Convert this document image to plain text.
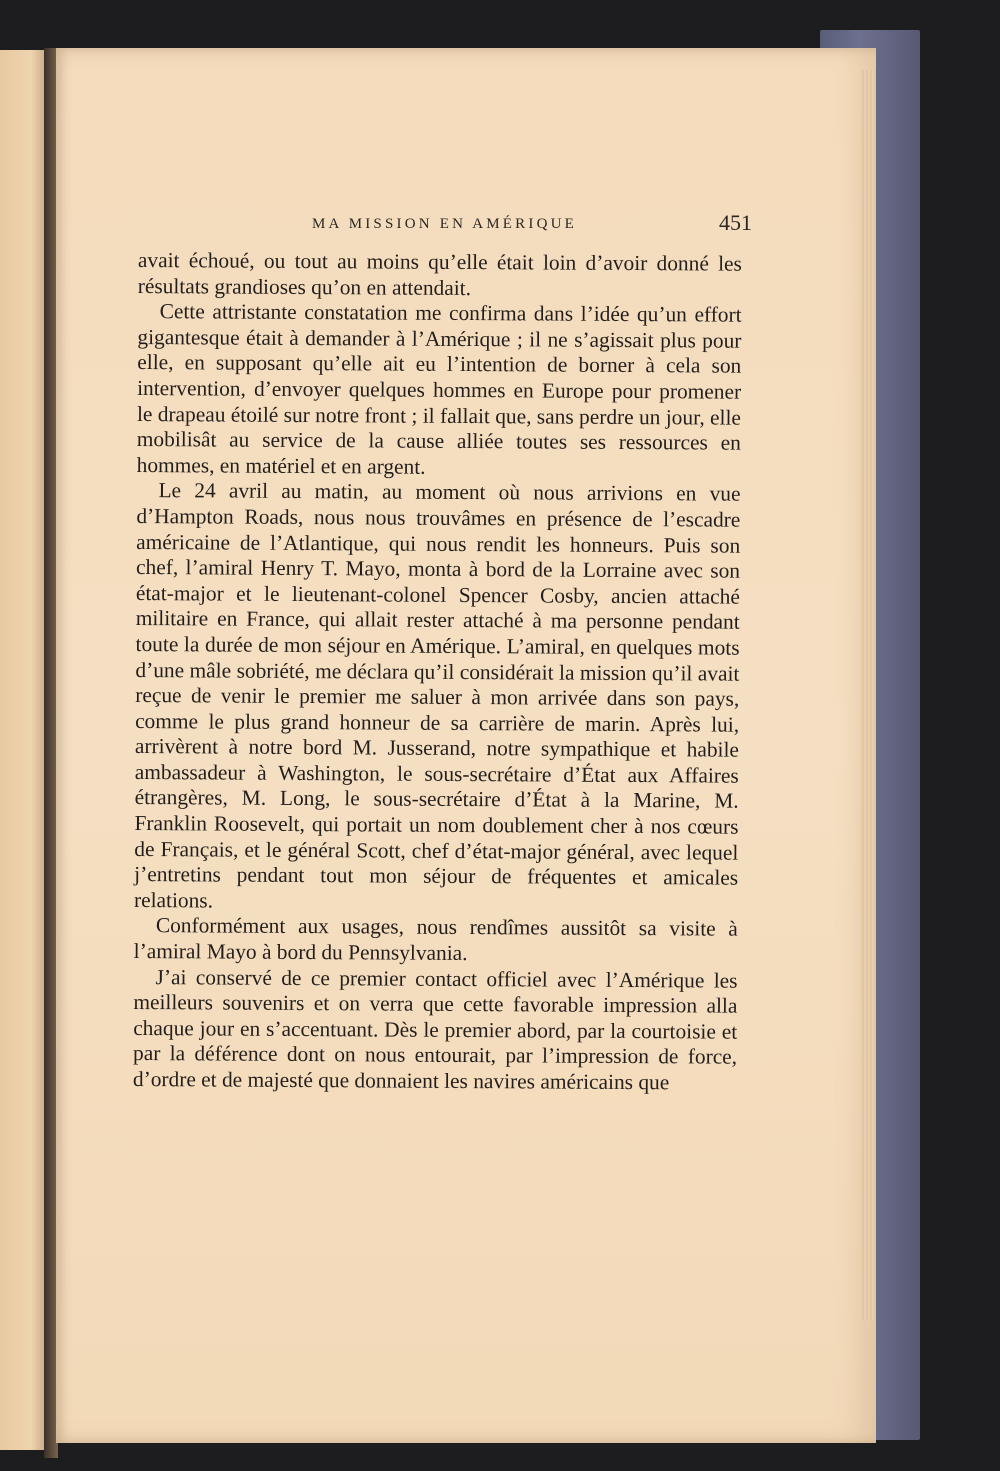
MA MISSION EN AMÉRIQUE	451

avait échoué, ou tout au moins qu’elle était loin d’avoir donné les résultats grandioses qu’on en attendait.

Cette attristante constatation me confirma dans l’idée qu’un effort gigantesque était à demander à l’Amérique ; il ne s’agissait plus pour elle, en supposant qu’elle ait eu l’intention de borner à cela son intervention, d’envoyer quelques hommes en Europe pour promener le drapeau étoilé sur notre front ; il fallait que, sans perdre un jour, elle mobilisât au service de la cause alliée toutes ses ressources en hommes, en matériel et en argent.

Le 24 avril au matin, au moment où nous arrivions en vue d’Hampton Roads, nous nous trouvâmes en présence de l’escadre américaine de l’Atlantique, qui nous rendit les honneurs. Puis son chef, l’amiral Henry T. Mayo, monta à bord de la Lorraine avec son état-major et le lieutenant-colonel Spencer Cosby, ancien attaché militaire en France, qui allait rester attaché à ma personne pendant toute la durée de mon séjour en Amérique. L’amiral, en quelques mots d’une mâle sobriété, me déclara qu’il considérait la mission qu’il avait reçue de venir le premier me saluer à mon arrivée dans son pays, comme le plus grand honneur de sa carrière de marin. Après lui, arrivèrent à notre bord M. Jusserand, notre sympathique et habile ambassadeur à Washington, le sous-secrétaire d’État aux Affaires étrangères, M. Long, le sous-secrétaire d’État à la Marine, M. Franklin Roosevelt, qui portait un nom doublement cher à nos cœurs de Français, et le général Scott, chef d’état-major général, avec lequel j’entretins pendant tout mon séjour de fréquentes et amicales relations.

Conformément aux usages, nous rendîmes aussitôt sa visite à l’amiral Mayo à bord du Pennsylvania.

J’ai conservé de ce premier contact officiel avec l’Amérique les meilleurs souvenirs et on verra que cette favorable impression alla chaque jour en s’accentuant. Dès le premier abord, par la courtoisie et par la déférence dont on nous entourait, par l’impression de force, d’ordre et de majesté que donnaient les navires américains que
